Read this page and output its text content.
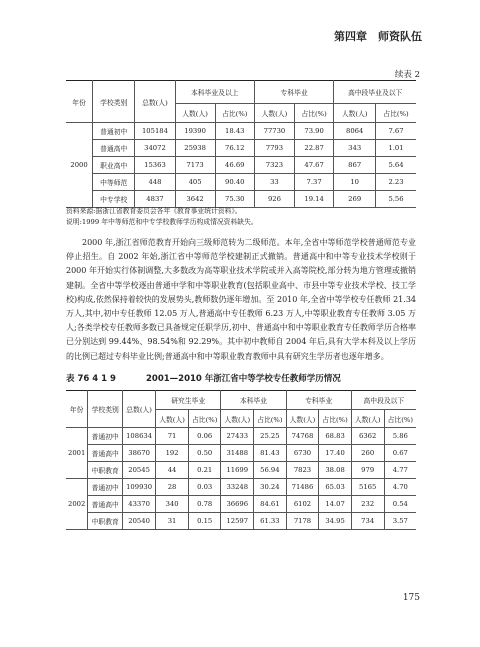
第四章　师资队伍
续表 2
年份	学校类别	总数(人)	本科毕业及以上		专科毕业		高中段毕业及以下	
			人数(人)	占比(%)	人数(人)	占比(%)	人数(人)	占比(%)
2000	普通初中	105184	19390	18.43	77730	73.90	8064	7.67
	普通高中	34072	25938	76.12	7793	22.87	343	1.01
	职业高中	15363	7173	46.69	7323	47.67	867	5.64
	中等师范	448	405	90.40	33	7.37	10	2.23
	中专学校	4837	3642	75.30	926	19.14	269	5.56
资料来源:据浙江省教育委员会各年《教育事业统计资料》。
说明:1999 年中等师范和中专学校教师学历构成情况资料缺失。
2000 年,浙江省师范教育开始向三级师范转为二级师范。本年,全省中等师范学校普通师范专业停止招生。自 2002 年始,浙江省中等师范学校建制正式撤销。普通高中和中等专业技术学校则于 2000 年开始实行体制调整,大多数改为高等职业技术学院或并入高等院校,部分转为地方管理或撤销建制。全省中等学校逐由普通中学和中等职业教育(包括职业高中、市县中等专业技术学校、技工学校)构成,依然保持着较快的发展势头,教师数仍逐年增加。至 2010 年,全省中等学校专任教师 21.34 万人,其中,初中专任教师 12.05 万人,普通高中专任教师 6.23 万人,中等职业教育专任教师 3.05 万人;各类学校专任教师多数已具备规定任职学历,初中、普通高中和中等职业教育专任教师学历合格率已分别达到 99.44%、98.54%和 92.29%。其中初中教师自 2004 年后,具有大学本科及以上学历的比例已超过专科毕业比例;普通高中和中等职业教育教师中具有研究生学历者也逐年增多。
表 76 4 1 9	2001—2010 年浙江省中等学校专任教师学历情况
年份	学校类别	总数(人)	研究生毕业		本科毕业		专科毕业		高中段及以下	
			人数(人)	占比(%)	人数(人)	占比(%)	人数(人)	占比(%)	人数(人)	占比(%)
2001	普通初中	108634	71	0.06	27433	25.25	74768	68.83	6362	5.86
	普通高中	38670	192	0.50	31488	81.43	6730	17.40	260	0.67
	中职教育	20545	44	0.21	11699	56.94	7823	38.08	979	4.77
2002	普通初中	109930	28	0.03	33248	30.24	71486	65.03	5165	4.70
	普通高中	43370	340	0.78	36696	84.61	6102	14.07	232	0.54
	中职教育	20540	31	0.15	12597	61.33	7178	34.95	734	3.57
175
